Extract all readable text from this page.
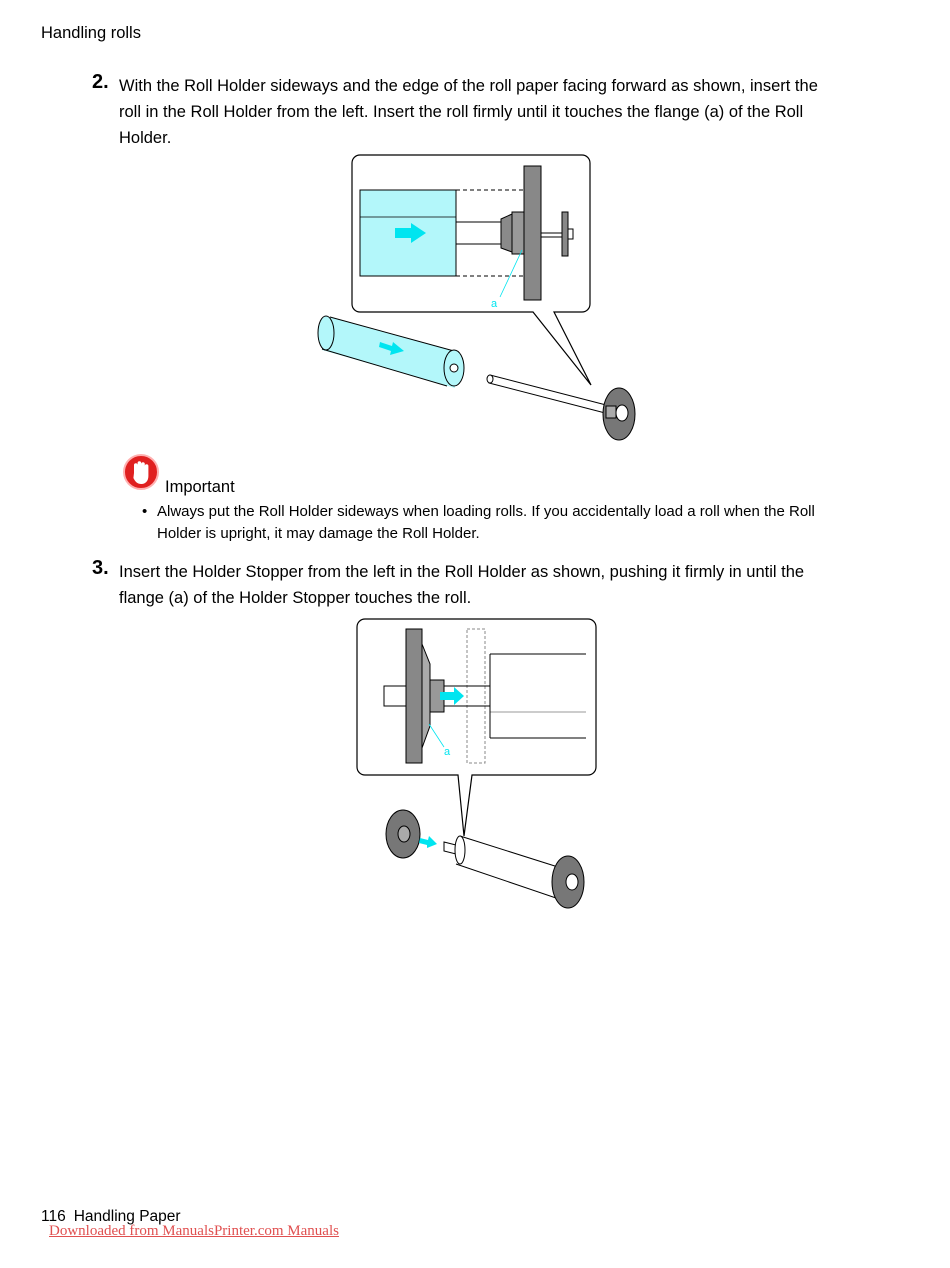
Handling rolls
2. With the Roll Holder sideways and the edge of the roll paper facing forward as shown, insert the roll in the Roll Holder from the left. Insert the roll firmly until it touches the flange (a) of the Roll Holder.
a
Important
• Always put the Roll Holder sideways when loading rolls. If you accidentally load a roll when the Roll Holder is upright, it may damage the Roll Holder.
3. Insert the Holder Stopper from the left in the Roll Holder as shown, pushing it firmly in until the flange (a) of the Holder Stopper touches the roll.
a
116 Handling Paper
Downloaded from ManualsPrinter.com Manuals
